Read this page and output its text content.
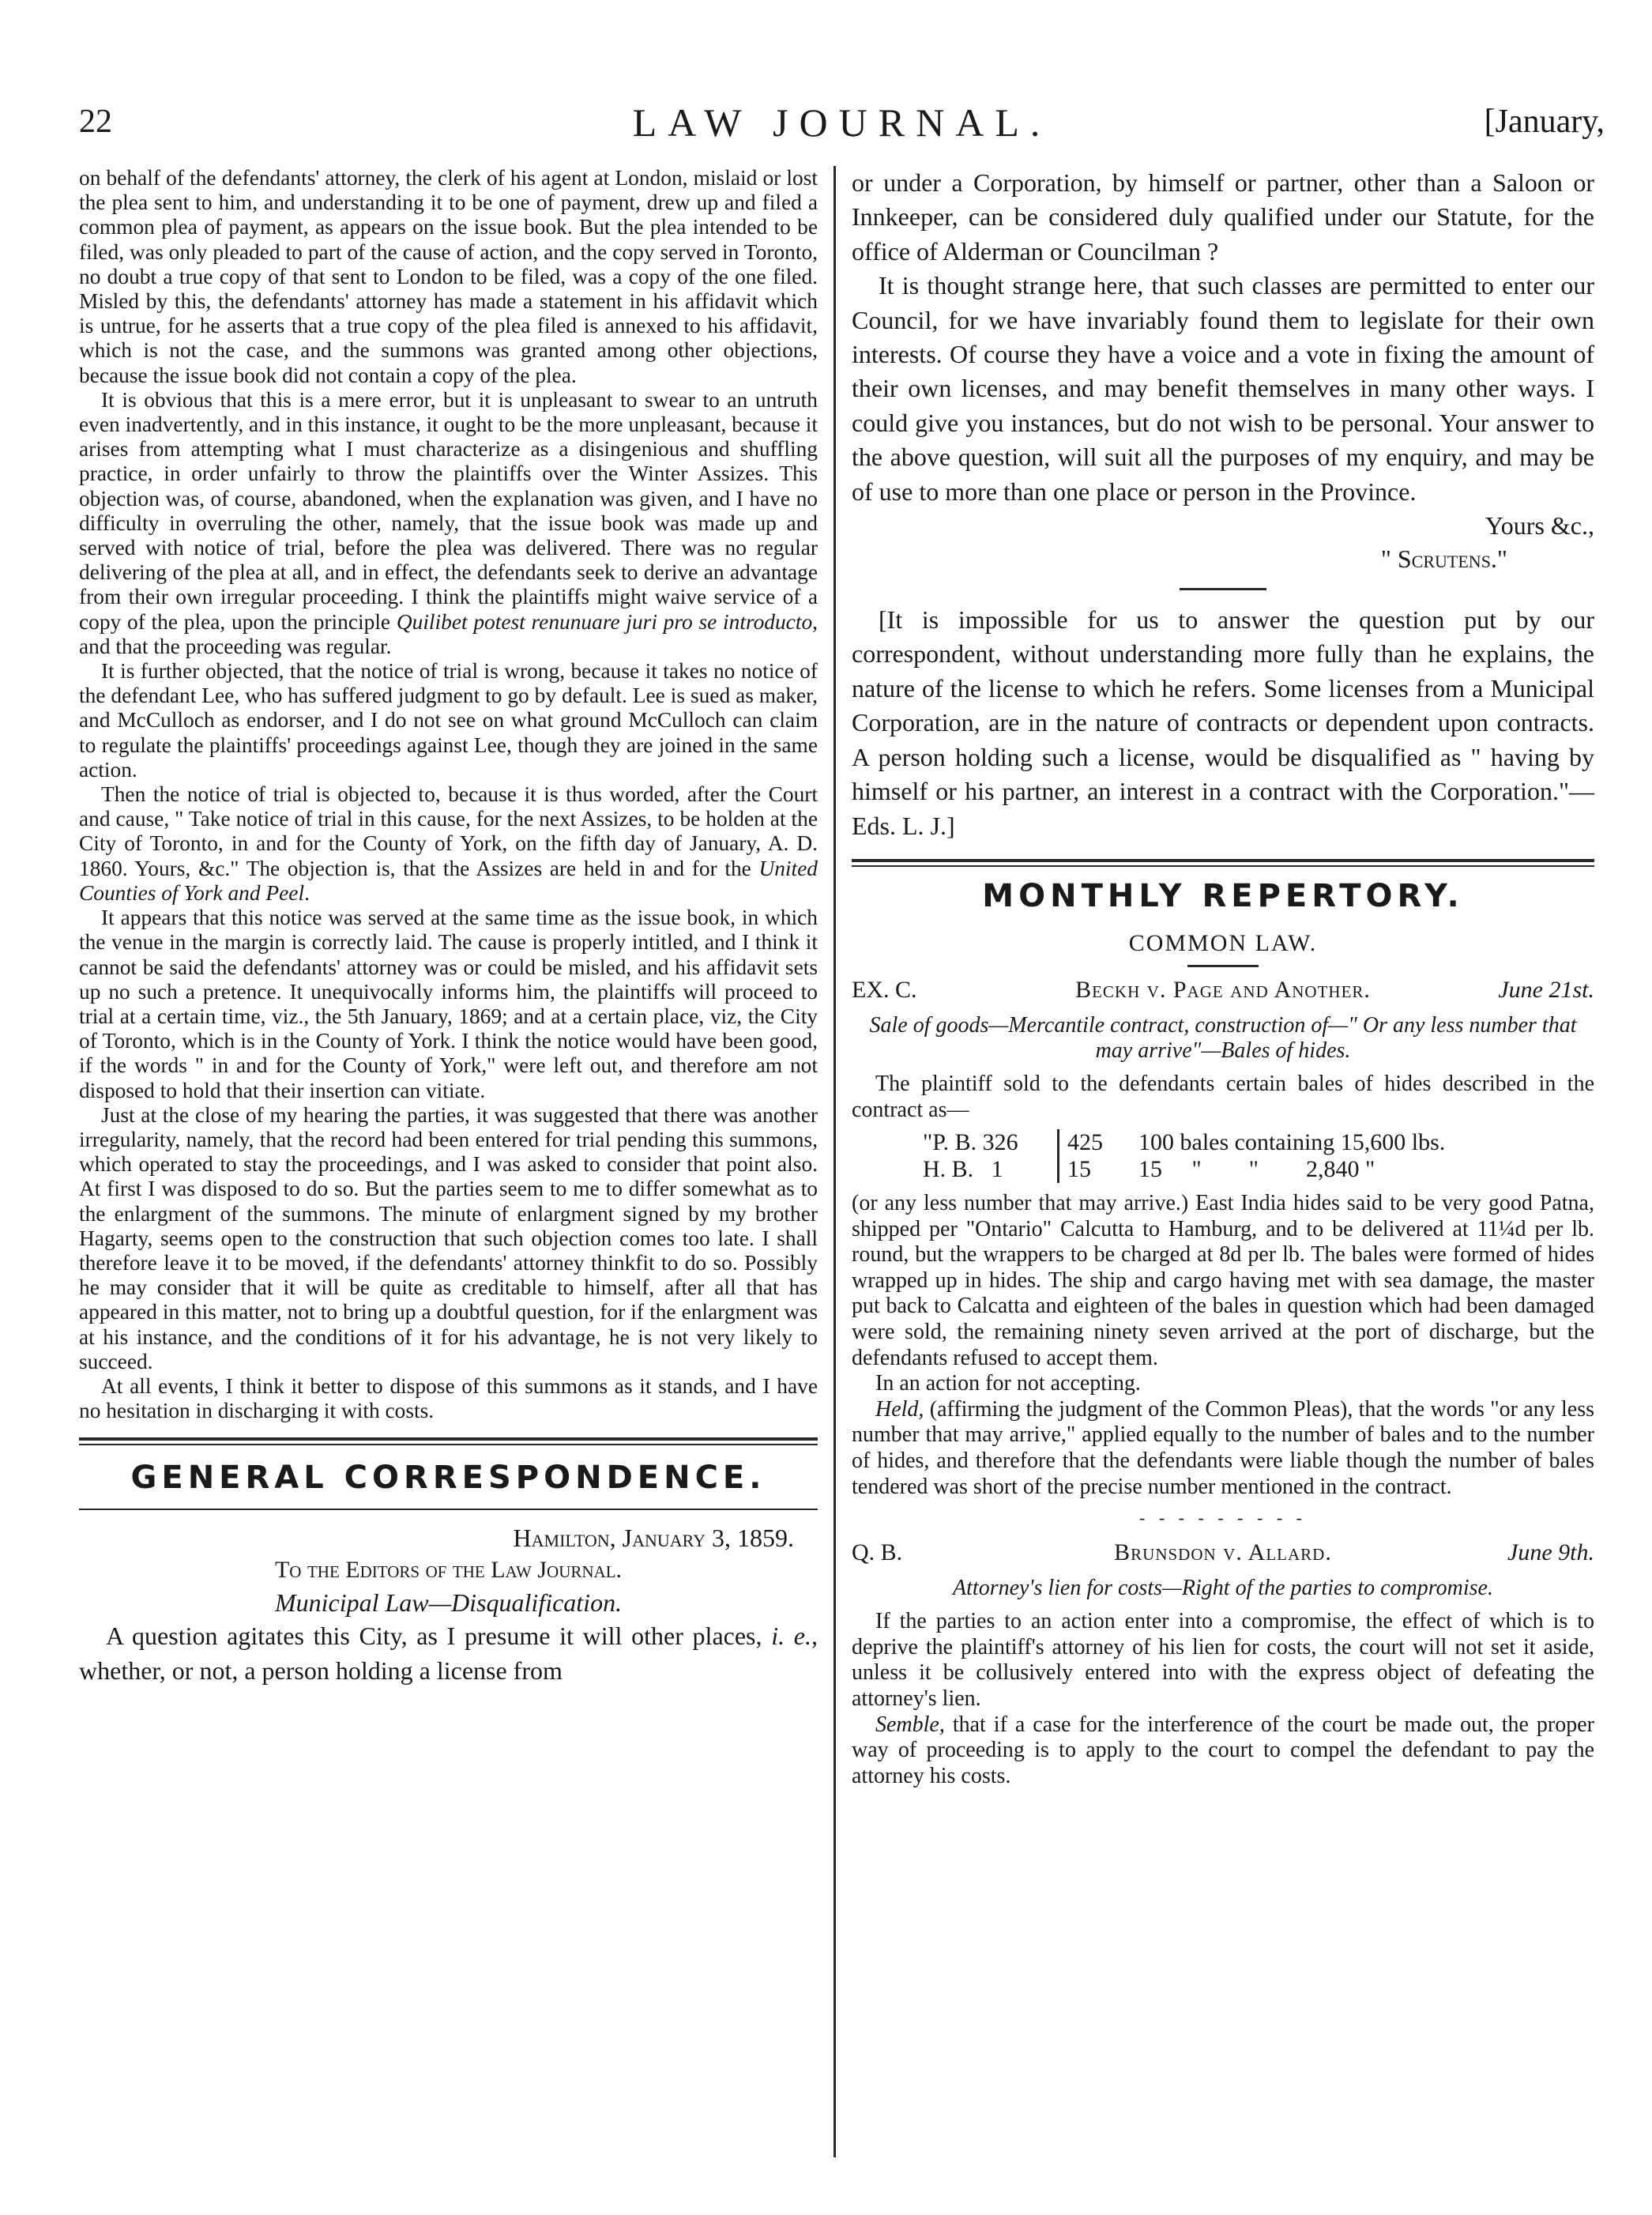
22	LAW JOURNAL.	[January,

on behalf of the defendants' attorney, the clerk of his agent at London, mislaid or lost the plea sent to him, and understanding it to be one of payment, drew up and filed a common plea of payment, as appears on the issue book. But the plea intended to be filed, was only pleaded to part of the cause of action, and the copy served in Toronto, no doubt a true copy of that sent to London to be filed, was a copy of the one filed. Misled by this, the defendants' attorney has made a statement in his affidavit which is untrue, for he asserts that a true copy of the plea filed is annexed to his affidavit, which is not the case, and the summons was granted among other objections, because the issue book did not contain a copy of the plea.

It is obvious that this is a mere error, but it is unpleasant to swear to an untruth even inadvertently, and in this instance, it ought to be the more unpleasant, because it arises from attempting what I must characterize as a disingenious and shuffling practice, in order unfairly to throw the plaintiffs over the Winter Assizes. This objection was, of course, abandoned, when the explanation was given, and I have no difficulty in overruling the other, namely, that the issue book was made up and served with notice of trial, before the plea was delivered. There was no regular delivering of the plea at all, and in effect, the defendants seek to derive an advantage from their own irregular proceeding. I think the plaintiffs might waive service of a copy of the plea, upon the principle Quilibet potest renunuare juri pro se introducto, and that the proceeding was regular.

It is further objected, that the notice of trial is wrong, because it takes no notice of the defendant Lee, who has suffered judgment to go by default. Lee is sued as maker, and McCulloch as endorser, and I do not see on what ground McCulloch can claim to regulate the plaintiffs' proceedings against Lee, though they are joined in the same action.

Then the notice of trial is objected to, because it is thus worded, after the Court and cause, " Take notice of trial in this cause, for the next Assizes, to be holden at the City of Toronto, in and for the County of York, on the fifth day of January, A. D. 1860. Yours, &c." The objection is, that the Assizes are held in and for the United Counties of York and Peel.

It appears that this notice was served at the same time as the issue book, in which the venue in the margin is correctly laid. The cause is properly intitled, and I think it cannot be said the defendants' attorney was or could be misled, and his affidavit sets up no such a pretence. It unequivocally informs him, the plaintiffs will proceed to trial at a certain time, viz., the 5th January, 1869; and at a certain place, viz, the City of Toronto, which is in the County of York. I think the notice would have been good, if the words " in and for the County of York," were left out, and therefore am not disposed to hold that their insertion can vitiate.

Just at the close of my hearing the parties, it was suggested that there was another irregularity, namely, that the record had been entered for trial pending this summons, which operated to stay the proceedings, and I was asked to consider that point also. At first I was disposed to do so. But the parties seem to me to differ somewhat as to the enlargment of the summons. The minute of enlargment signed by my brother Hagarty, seems open to the construction that such objection comes too late. I shall therefore leave it to be moved, if the defendants' attorney thinkfit to do so. Possibly he may consider that it will be quite as creditable to himself, after all that has appeared in this matter, not to bring up a doubtful question, for if the enlargment was at his instance, and the conditions of it for his advantage, he is not very likely to succeed.

At all events, I think it better to dispose of this summons as it stands, and I have no hesitation in discharging it with costs.

GENERAL CORRESPONDENCE.
Hamilton, January 3, 1859.
To the Editors of the Law Journal.
Municipal Law—Disqualification.

A question agitates this City, as I presume it will other places, i. e., whether, or not, a person holding a license from

or under a Corporation, by himself or partner, other than a Saloon or Innkeeper, can be considered duly qualified under our Statute, for the office of Alderman or Councilman ?

It is thought strange here, that such classes are permitted to enter our Council, for we have invariably found them to legislate for their own interests. Of course they have a voice and a vote in fixing the amount of their own licenses, and may benefit themselves in many other ways. I could give you instances, but do not wish to be personal. Your answer to the above question, will suit all the purposes of my enquiry, and may be of use to more than one place or person in the Province.

Yours &c.,
" Scrutens."

[It is impossible for us to answer the question put by our correspondent, without understanding more fully than he explains, the nature of the license to which he refers. Some licenses from a Municipal Corporation, are in the nature of contracts or dependent upon contracts. A person holding such a license, would be disqualified as " having by himself or his partner, an interest in a contract with the Corporation."—Eds. L. J.]

MONTHLY REPERTORY.
COMMON LAW.
EX. C.	Beckh v. Page and Another.	June 21st.
Sale of goods—Mercantile contract, construction of—" Or any less number that may arrive"—Bales of hides.

The plaintiff sold to the defendants certain bales of hides described in the contract as—

"P. B. 326	425	100 bales containing 15,600 lbs.
H. B.   1	15	15     "        "        2,840 "

(or any less number that may arrive.) East India hides said to be very good Patna, shipped per "Ontario" Calcutta to Hamburg, and to be delivered at 11¼d per lb. round, but the wrappers to be charged at 8d per lb. The bales were formed of hides wrapped up in hides. The ship and cargo having met with sea damage, the master put back to Calcatta and eighteen of the bales in question which had been damaged were sold, the remaining ninety seven arrived at the port of discharge, but the defendants refused to accept them.

In an action for not accepting.

Held, (affirming the judgment of the Common Pleas), that the words "or any less number that may arrive," applied equally to the number of bales and to the number of hides, and therefore that the defendants were liable though the number of bales tendered was short of the precise number mentioned in the contract.

- - - - - - - - -
Q. B.	Brunsdon v. Allard.	June 9th.
Attorney's lien for costs—Right of the parties to compromise.

If the parties to an action enter into a compromise, the effect of which is to deprive the plaintiff's attorney of his lien for costs, the court will not set it aside, unless it be collusively entered into with the express object of defeating the attorney's lien.

Semble, that if a case for the interference of the court be made out, the proper way of proceeding is to apply to the court to compel the defendant to pay the attorney his costs.
